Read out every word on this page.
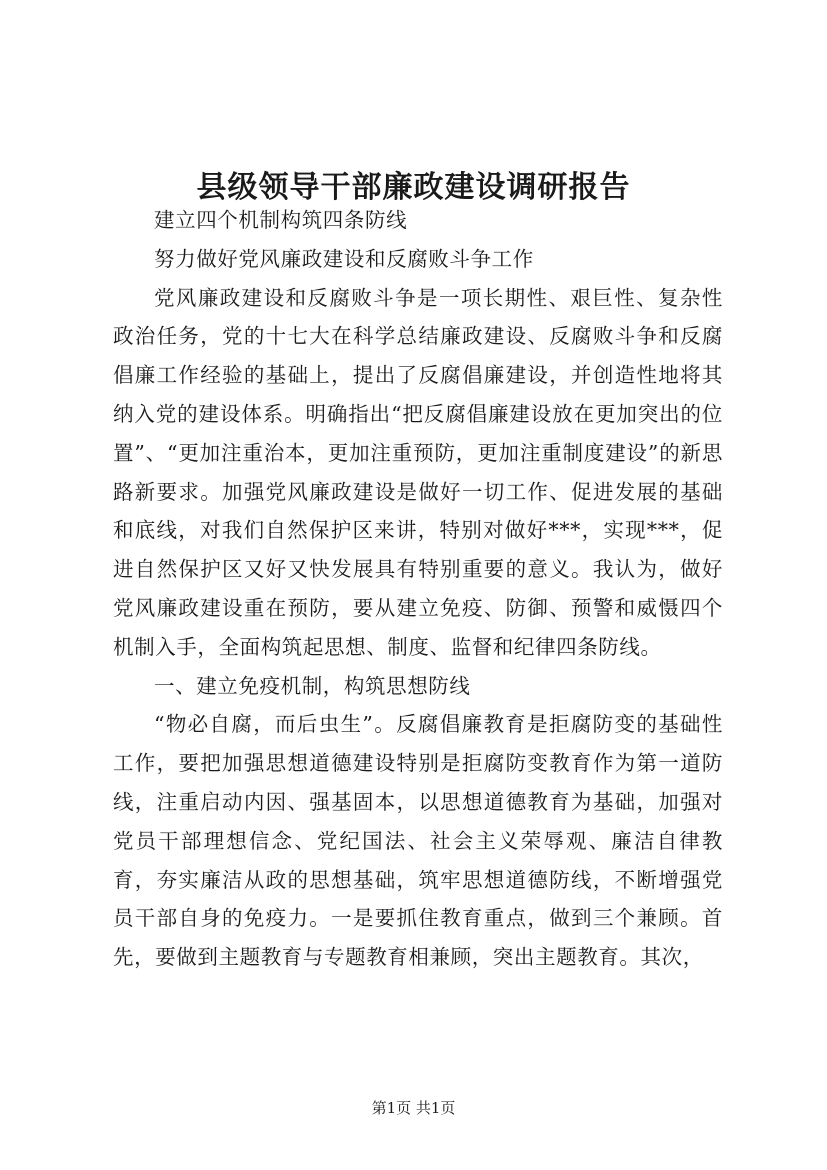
县级领导干部廉政建设调研报告

建立四个机制构筑四条防线

努力做好党风廉政建设和反腐败斗争工作

党风廉政建设和反腐败斗争是一项长期性、艰巨性、复杂性政治任务，党的十七大在科学总结廉政建设、反腐败斗争和反腐倡廉工作经验的基础上，提出了反腐倡廉建设，并创造性地将其纳入党的建设体系。明确指出“把反腐倡廉建设放在更加突出的位置”、“更加注重治本，更加注重预防，更加注重制度建设”的新思路新要求。加强党风廉政建设是做好一切工作、促进发展的基础和底线，对我们自然保护区来讲，特别对做好***，实现***，促进自然保护区又好又快发展具有特别重要的意义。我认为，做好党风廉政建设重在预防，要从建立免疫、防御、预警和威慑四个机制入手，全面构筑起思想、制度、监督和纪律四条防线。

一、建立免疫机制，构筑思想防线

“物必自腐，而后虫生”。反腐倡廉教育是拒腐防变的基础性工作，要把加强思想道德建设特别是拒腐防变教育作为第一道防线，注重启动内因、强基固本，以思想道德教育为基础，加强对党员干部理想信念、党纪国法、社会主义荣辱观、廉洁自律教育，夯实廉洁从政的思想基础，筑牢思想道德防线，不断增强党员干部自身的免疫力。一是要抓住教育重点，做到三个兼顾。首先，要做到主题教育与专题教育相兼顾，突出主题教育。其次，

第1页 共1页
